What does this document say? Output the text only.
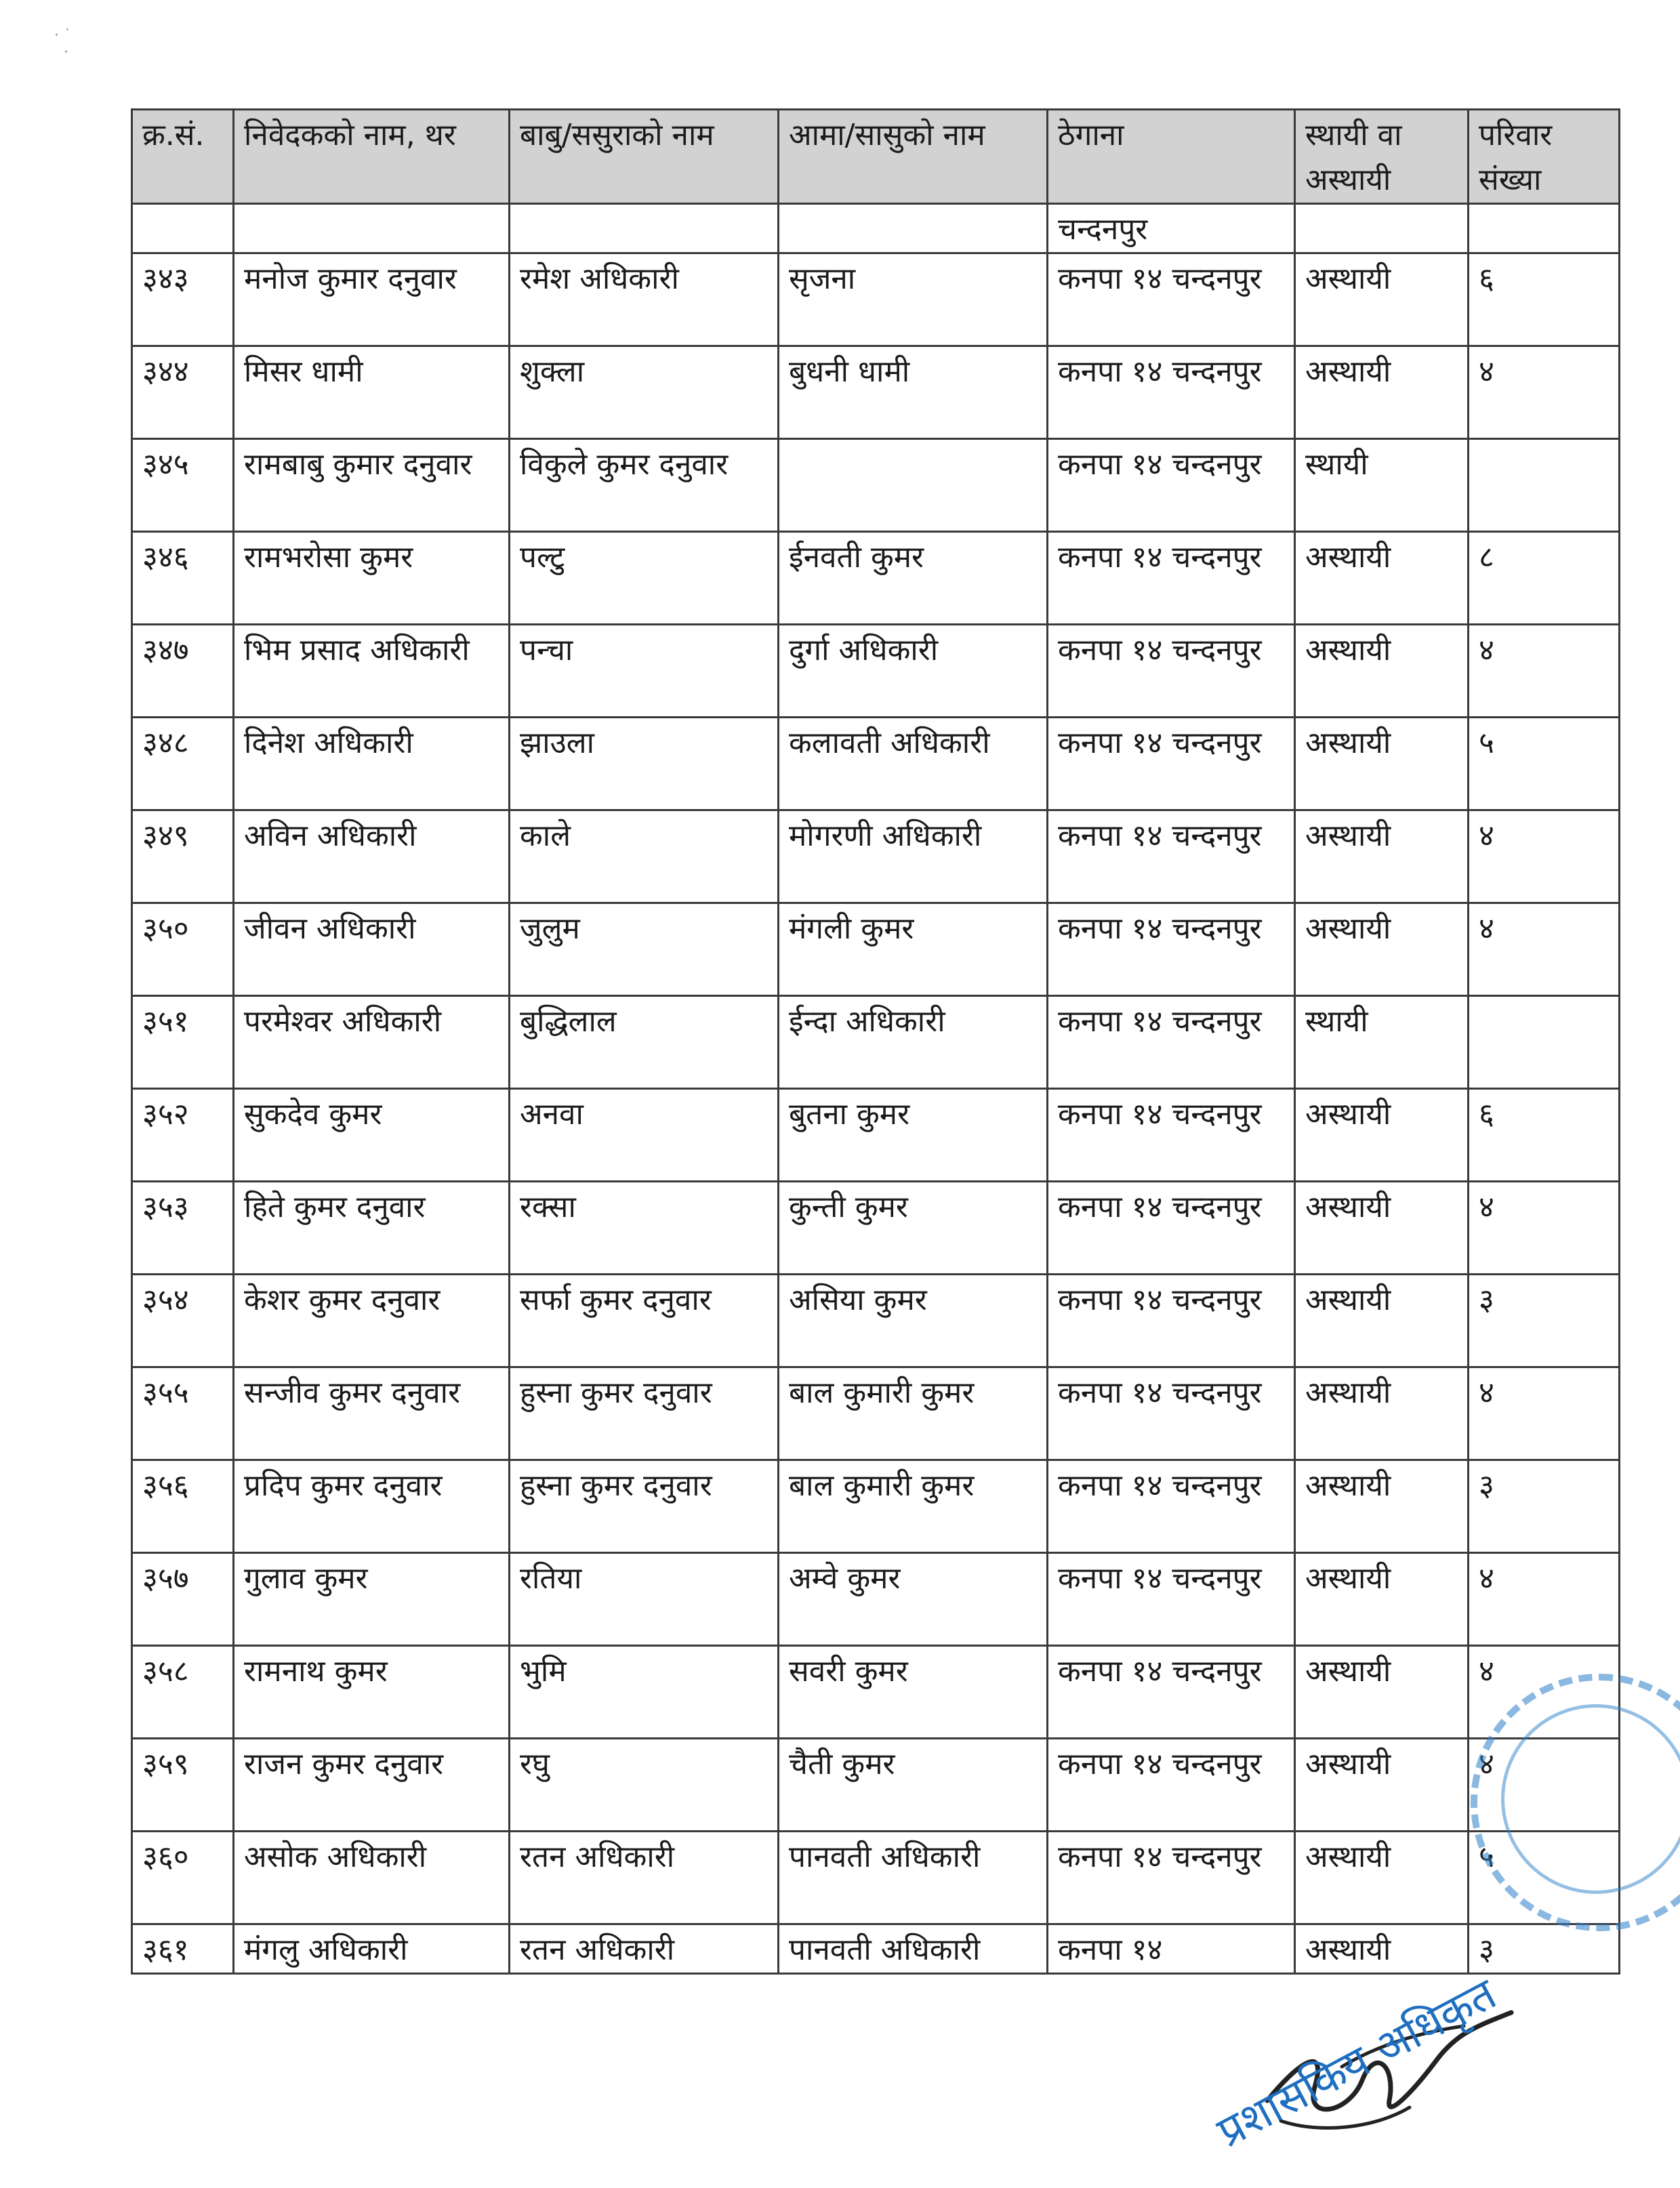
· ˙
·
क्र.सं.	निवेदकको नाम, थर	बाबु/ससुराको नाम	आमा/सासुको नाम	ठेगाना	स्थायी वा अस्थायी	परिवार संख्या
				चन्दनपुर		
३४३	मनोज कुमार दनुवार	रमेश अधिकारी	सृजना	कनपा १४ चन्दनपुर	अस्थायी	६
३४४	मिसर धामी	शुक्ला	बुधनी धामी	कनपा १४ चन्दनपुर	अस्थायी	४
३४५	रामबाबु कुमार दनुवार	विकुले कुमर दनुवार		कनपा १४ चन्दनपुर	स्थायी	
३४६	रामभरोसा कुमर	पल्टु	ईनवती कुमर	कनपा १४ चन्दनपुर	अस्थायी	८
३४७	भिम प्रसाद अधिकारी	पन्चा	दुर्गा अधिकारी	कनपा १४ चन्दनपुर	अस्थायी	४
३४८	दिनेश अधिकारी	झाउला	कलावती अधिकारी	कनपा १४ चन्दनपुर	अस्थायी	५
३४९	अविन अधिकारी	काले	मोगरणी अधिकारी	कनपा १४ चन्दनपुर	अस्थायी	४
३५०	जीवन अधिकारी	जुलुम	मंगली कुमर	कनपा १४ चन्दनपुर	अस्थायी	४
३५१	परमेश्वर अधिकारी	बुद्धिलाल	ईन्दा अधिकारी	कनपा १४ चन्दनपुर	स्थायी	
३५२	सुकदेव कुमर	अनवा	बुतना कुमर	कनपा १४ चन्दनपुर	अस्थायी	६
३५३	हिते कुमर दनुवार	रक्सा	कुन्ती कुमर	कनपा १४ चन्दनपुर	अस्थायी	४
३५४	केशर कुमर दनुवार	सर्फा कुमर दनुवार	असिया कुमर	कनपा १४ चन्दनपुर	अस्थायी	३
३५५	सन्जीव कुमर दनुवार	हुस्ना कुमर दनुवार	बाल कुमारी कुमर	कनपा १४ चन्दनपुर	अस्थायी	४
३५६	प्रदिप कुमर दनुवार	हुस्ना कुमर दनुवार	बाल कुमारी कुमर	कनपा १४ चन्दनपुर	अस्थायी	३
३५७	गुलाव कुमर	रतिया	अम्वे कुमर	कनपा १४ चन्दनपुर	अस्थायी	४
३५८	रामनाथ कुमर	भुमि	सवरी कुमर	कनपा १४ चन्दनपुर	अस्थायी	४
३५९	राजन कुमर दनुवार	रघु	चैती कुमर	कनपा १४ चन्दनपुर	अस्थायी	४
३६०	असोक अधिकारी	रतन अधिकारी	पानवती अधिकारी	कनपा १४ चन्दनपुर	अस्थायी	५
३६१	मंगलु अधिकारी	रतन अधिकारी	पानवती अधिकारी	कनपा १४	अस्थायी	३
प्रशासकिय अधिकृत
